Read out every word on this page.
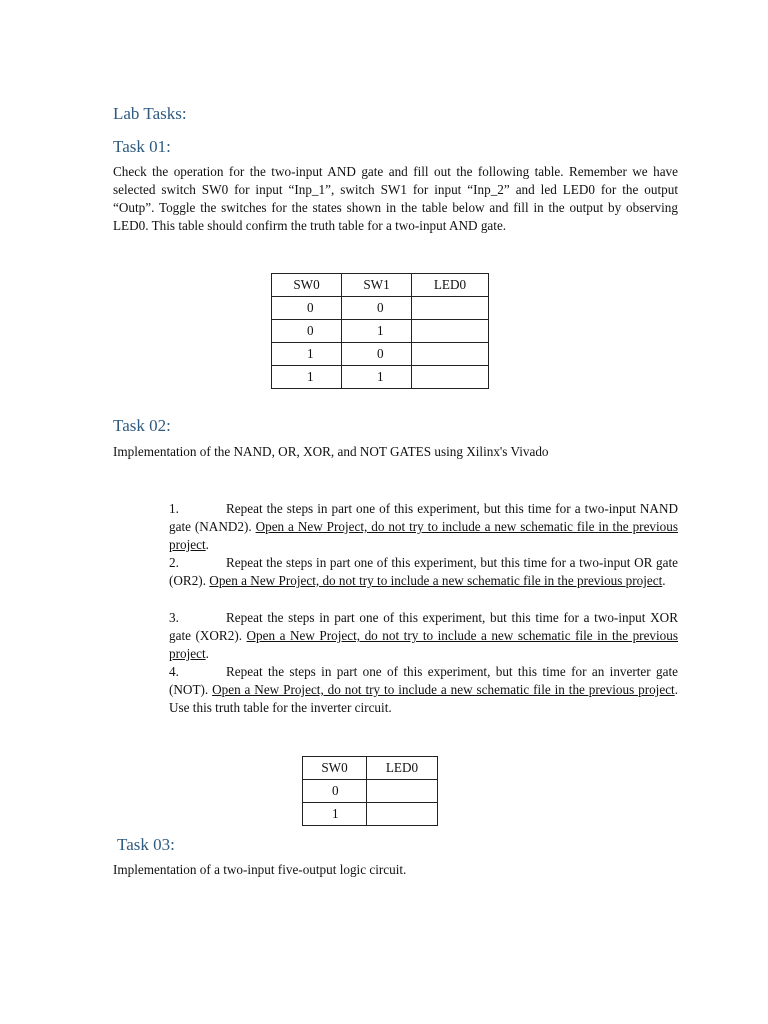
Lab Tasks:
Task 01:

Check the operation for the two-input AND gate and fill out the following table. Remember we have selected switch SW0 for input “Inp_1”, switch SW1 for input “Inp_2” and led LED0 for the output “Outp”. Toggle the switches for the states shown in the table below and fill in the output by observing LED0. This table should confirm the truth table for a two-input AND gate.

SW0	SW1	LED0
0	0	
0	1	
1	0	
1	1	
Task 02:

Implementation of the NAND, OR, XOR, and NOT GATES using Xilinx's Vivado

1.	Repeat the steps in part one of this experiment, but this time for a two-input NAND gate (NAND2). Open a New Project, do not try to include a new schematic file in the previous project.
2.	Repeat the steps in part one of this experiment, but this time for a two-input OR gate (OR2). Open a New Project, do not try to include a new schematic file in the previous project.
3.	Repeat the steps in part one of this experiment, but this time for a two-input XOR gate (XOR2). Open a New Project, do not try to include a new schematic file in the previous project.
4.	Repeat the steps in part one of this experiment, but this time for an inverter gate (NOT). Open a New Project, do not try to include a new schematic file in the previous project. Use this truth table for the inverter circuit.
SW0	LED0
0	
1	
Task 03:

Implementation of a two-input five-output logic circuit.
